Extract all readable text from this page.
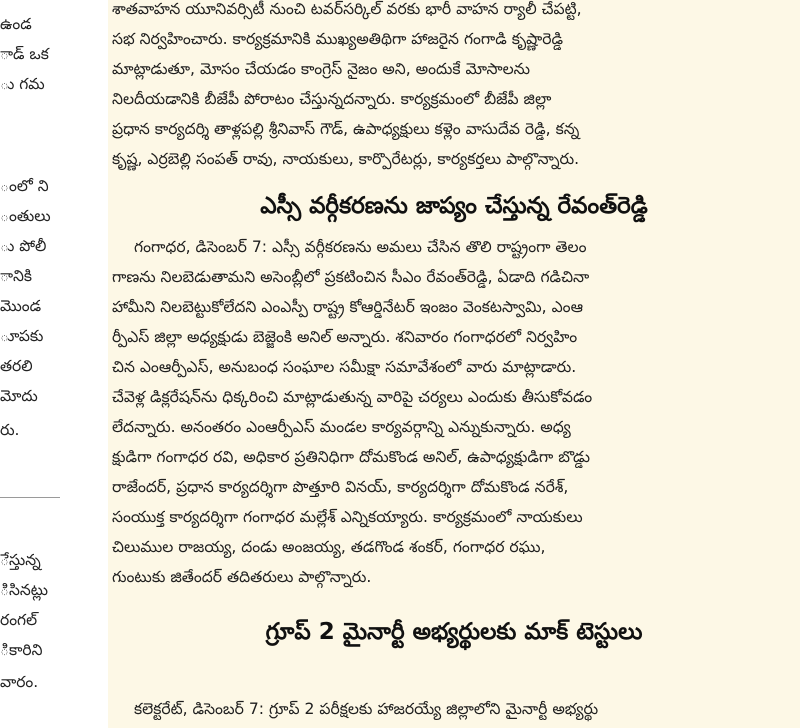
ఉండ
ాడ్ ఒక
ు గమ
ంలో ని
ంతులు
ు పోలీ
ానికి
మొండ
ూపకు
తరలి
మోదు
రు.
ేస్తున్న
ిసినట్లు
రంగల్
ికారిని
వారం.
శాతవాహన యూనివర్సిటీ నుంచి టవర్‌సర్కిల్ వరకు భారీ వాహన ర్యాలీ చేపట్టి,
సభ నిర్వహించారు. కార్యక్రమానికి ముఖ్యఅతిథిగా హాజరైన గంగాడి కృష్ణారెడ్డి
మాట్లాడుతూ, మోసం చేయడం కాంగ్రెస్ నైజం అని, అందుకే మోసాలను
నిలదీయడానికి బీజేపీ పోరాటం చేస్తున్నదన్నారు. కార్యక్రమంలో బీజేపీ జిల్లా
ప్రధాన కార్యదర్శి తాళ్లపల్లి శ్రీనివాస్ గౌడ్, ఉపాధ్యక్షులు కళ్లెం వాసుదేవ రెడ్డి, కన్న
కృష్ణ, ఎర్రబెల్లి సంపత్ రావు, నాయకులు, కార్పొరేటర్లు, కార్యకర్తలు పాల్గొన్నారు.
ఎస్సీ వర్గీకరణను జాప్యం చేస్తున్న రేవంత్‌రెడ్డి
గంగాధర, డిసెంబర్ 7: ఎస్సీ వర్గీకరణను అమలు చేసిన తొలి రాష్ట్రంగా తెలం
గాణను నిలబెడుతామని అసెంబ్లీలో ప్రకటించిన సీఎం రేవంత్‌రెడ్డి, ఏడాది గడిచినా
హామీని నిలబెట్టుకోలేదని ఎంఎస్పీ రాష్ట్ర కోఆర్డినేటర్ ఇంజం వెంకటస్వామి, ఎంఆ
ర్పీఎస్ జిల్లా అధ్యక్షుడు బెజ్జెంకి అనిల్ అన్నారు. శనివారం గంగాధరలో నిర్వహిం
చిన ఎంఆర్పీఎస్, అనుబంధ సంఘాల సమీక్షా సమావేశంలో వారు మాట్లాడారు.
చేవెళ్ల డిక్లరేషన్‌ను ధిక్కరించి మాట్లాడుతున్న వారిపై చర్యలు ఎందుకు తీసుకోవడం
లేదన్నారు. అనంతరం ఎంఆర్పీఎస్ మండల కార్యవర్గాన్ని ఎన్నుకున్నారు. అధ్య
క్షుడిగా గంగాధర రవి, అధికార ప్రతినిధిగా దోమకొండ అనిల్, ఉపాధ్యక్షుడిగా బొడ్డు
రాజేందర్, ప్రధాన కార్యదర్శిగా పొత్తూరి వినయ్, కార్యదర్శిగా దోమకొండ నరేశ్,
సంయుక్త కార్యదర్శిగా గంగాధర మల్లేశ్ ఎన్నికయ్యారు. కార్యక్రమంలో నాయకులు
చిలుముల రాజయ్య, దండు అంజయ్య, తడగొండ శంకర్, గంగాధర రఘు,
గుంటుకు జితేందర్ తదితరులు పాల్గొన్నారు.
గ్రూప్ 2 మైనార్టీ అభ్యర్థులకు మాక్ టెస్టులు
కలెక్టరేట్, డిసెంబర్ 7: గ్రూప్ 2 పరీక్షలకు హాజరయ్యే జిల్లాలోని మైనార్టీ అభ్యర్థు
